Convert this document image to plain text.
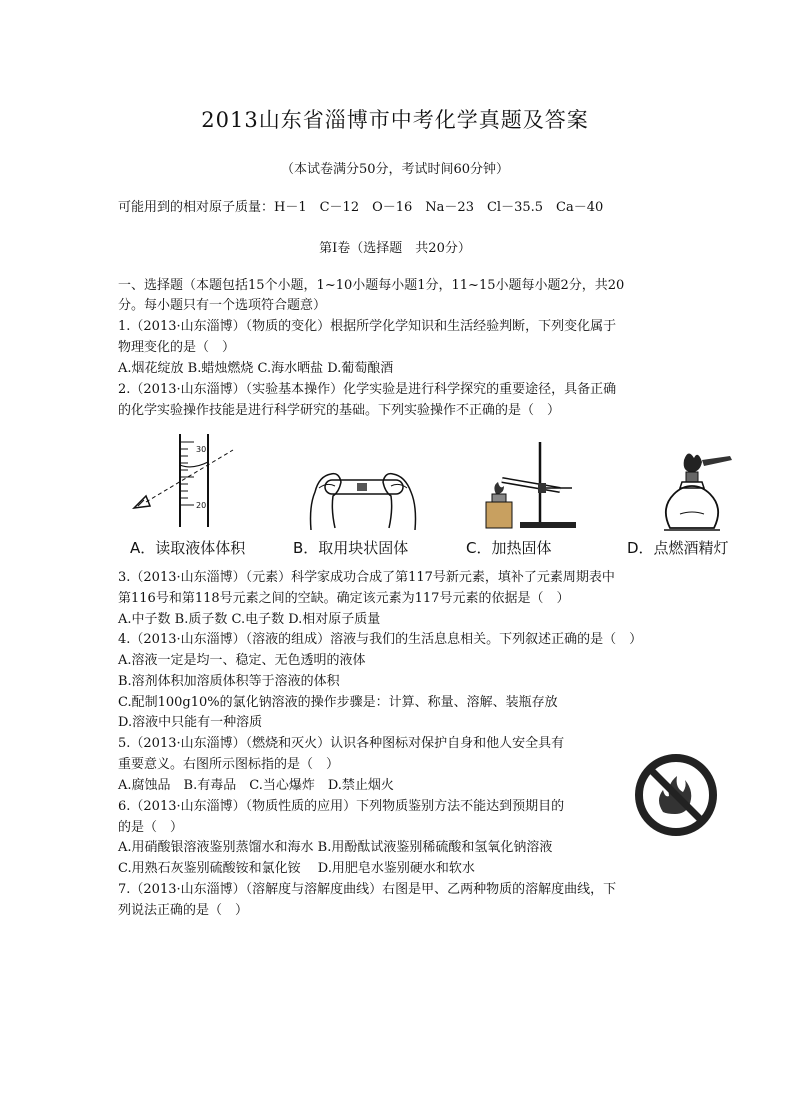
2013山东省淄博市中考化学真题及答案
（本试卷满分50分，考试时间60分钟）
可能用到的相对原子质量：H－1　C－12　O－16　Na－23　Cl－35.5　Ca－40
第Ⅰ卷（选择题　共20分）
一、选择题（本题包括15个小题，1~10小题每小题1分，11~15小题每小题2分，共20
分。每小题只有一个选项符合题意）
1.（2013·山东淄博）（物质的变化）根据所学化学知识和生活经验判断，下列变化属于
物理变化的是（　）
A.烟花绽放 B.蜡烛燃烧 C.海水晒盐 D.葡萄酿酒
2.（2013·山东淄博）（实验基本操作）化学实验是进行科学探究的重要途径，具备正确
的化学实验操作技能是进行科学研究的基础。下列实验操作不正确的是（　）
30
20
A．读取液体体积	B．取用块状固体	C．加热固体	D．点燃酒精灯
3.（2013·山东淄博）（元素）科学家成功合成了第117号新元素，填补了元素周期表中
第116号和第118号元素之间的空缺。确定该元素为117号元素的依据是（　）
A.中子数 B.质子数 C.电子数 D.相对原子质量
4.（2013·山东淄博）（溶液的组成）溶液与我们的生活息息相关。下列叙述正确的是（　）
A.溶液一定是均一、稳定、无色透明的液体
B.溶剂体积加溶质体积等于溶液的体积
C.配制100g10%的氯化钠溶液的操作步骤是：计算、称量、溶解、装瓶存放
D.溶液中只能有一种溶质
5.（2013·山东淄博）（燃烧和灭火）认识各种图标对保护自身和他人安全具有
重要意义。右图所示图标指的是（　）
A.腐蚀品　B.有毒品　C.当心爆炸　D.禁止烟火
6.（2013·山东淄博）（物质性质的应用）下列物质鉴别方法不能达到预期目的
的是（　）
A.用硝酸银溶液鉴别蒸馏水和海水 B.用酚酞试液鉴别稀硫酸和氢氧化钠溶液
C.用熟石灰鉴别硫酸铵和氯化铵　 D.用肥皂水鉴别硬水和软水
7.（2013·山东淄博）（溶解度与溶解度曲线）右图是甲、乙两种物质的溶解度曲线，下
列说法正确的是（　）
